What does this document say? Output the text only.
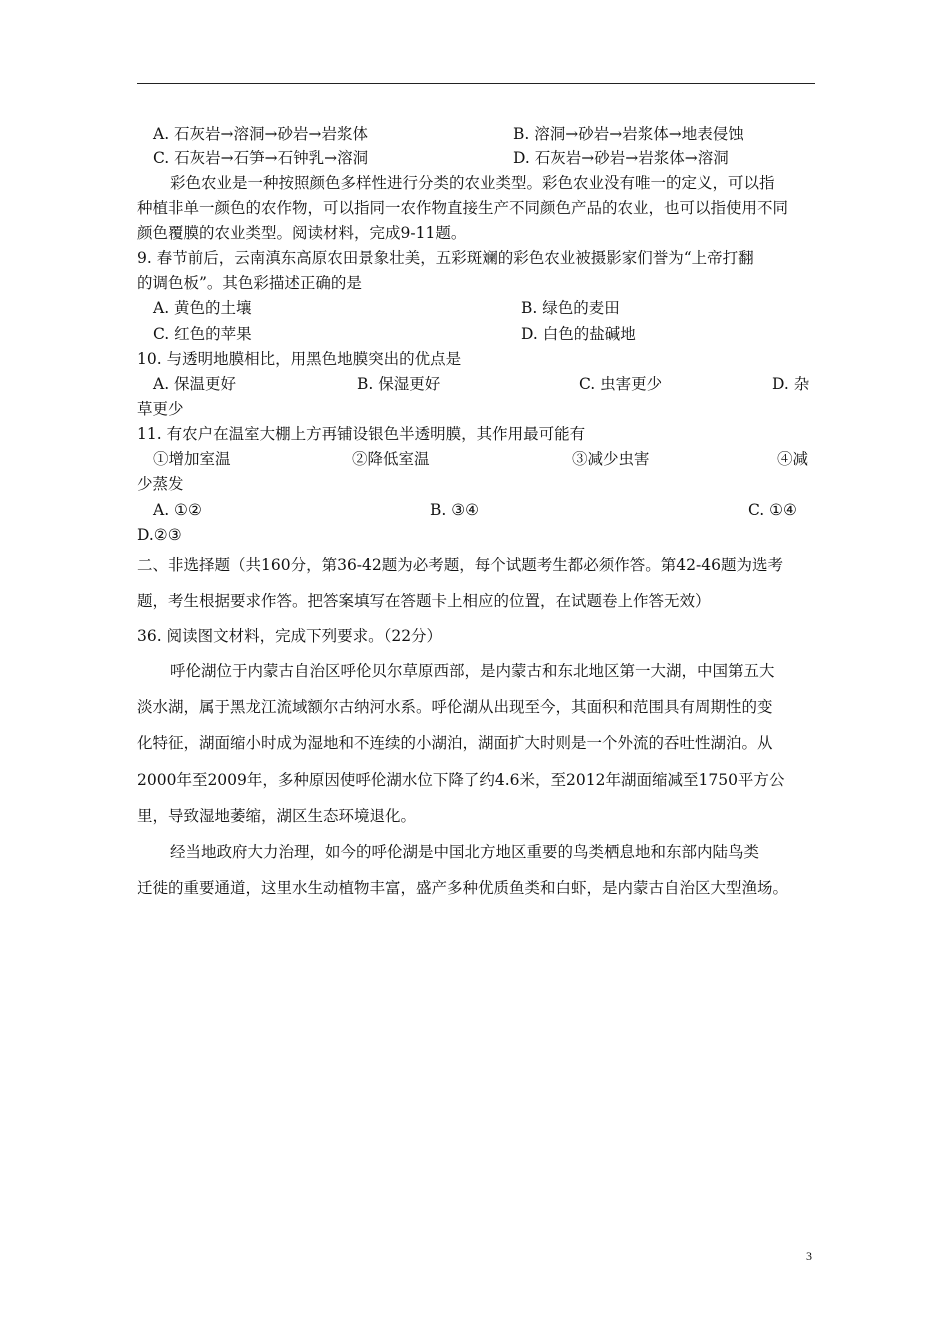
A. 石灰岩→溶洞→砂岩→岩浆体	B. 溶洞→砂岩→岩浆体→地表侵蚀
C. 石灰岩→石笋→石钟乳→溶洞	D. 石灰岩→砂岩→岩浆体→溶洞
彩色农业是一种按照颜色多样性进行分类的农业类型。彩色农业没有唯一的定义，可以指
种植非单一颜色的农作物，可以指同一农作物直接生产不同颜色产品的农业，也可以指使用不同
颜色覆膜的农业类型。阅读材料，完成9-11题。
9. 春节前后，云南滇东高原农田景象壮美，五彩斑斓的彩色农业被摄影家们誉为“上帝打翻
的调色板”。其色彩描述正确的是
A. 黄色的土壤	B. 绿色的麦田
C. 红色的苹果	D. 白色的盐碱地
10. 与透明地膜相比，用黑色地膜突出的优点是
A. 保温更好	B. 保湿更好	C. 虫害更少	D. 杂
草更少
11. 有农户在温室大棚上方再铺设银色半透明膜，其作用最可能有
①增加室温	②降低室温	③减少虫害	④减
少蒸发
A. ①②	B. ③④	C. ①④
D.②③
二、非选择题（共160分，第36-42题为必考题，每个试题考生都必须作答。第42-46题为选考
题，考生根据要求作答。把答案填写在答题卡上相应的位置，在试题卷上作答无效）
36. 阅读图文材料，完成下列要求。（22分）
呼伦湖位于内蒙古自治区呼伦贝尔草原西部，是内蒙古和东北地区第一大湖，中国第五大
淡水湖，属于黑龙江流域额尔古纳河水系。呼伦湖从出现至今，其面积和范围具有周期性的变
化特征，湖面缩小时成为湿地和不连续的小湖泊，湖面扩大时则是一个外流的吞吐性湖泊。从
2000年至2009年，多种原因使呼伦湖水位下降了约4.6米，至2012年湖面缩减至1750平方公
里，导致湿地萎缩，湖区生态环境退化。
经当地政府大力治理，如今的呼伦湖是中国北方地区重要的鸟类栖息地和东部内陆鸟类
迁徙的重要通道，这里水生动植物丰富，盛产多种优质鱼类和白虾，是内蒙古自治区大型渔场。
3
